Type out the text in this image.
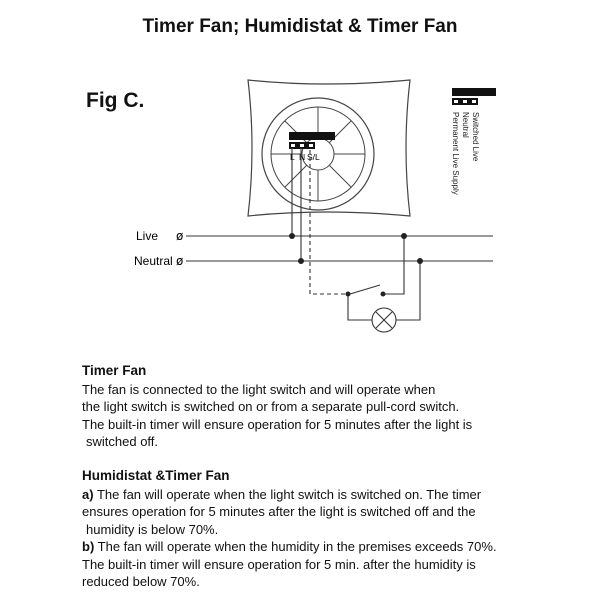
Timer Fan; Humidistat & Timer Fan
Fig C.
L N S/L	Switched Live
Neutral
Permanent Live Supply
Live
Neutral
ø
ø
Timer Fan

The fan is connected to the light switch and will operate when
the light switch is switched on or from a separate pull-cord switch.
The built-in timer will ensure operation for 5 minutes after the light is

switched off.

Humidistat &Timer Fan

a) The fan will operate when the light switch is switched on. The timer
ensures operation for 5 minutes after the light is switched off and the

humidity is below 70%.

b) The fan will operate when the humidity in the premises exceeds 70%.
The built-in timer will ensure operation for 5 min. after the humidity is
reduced below 70%.
